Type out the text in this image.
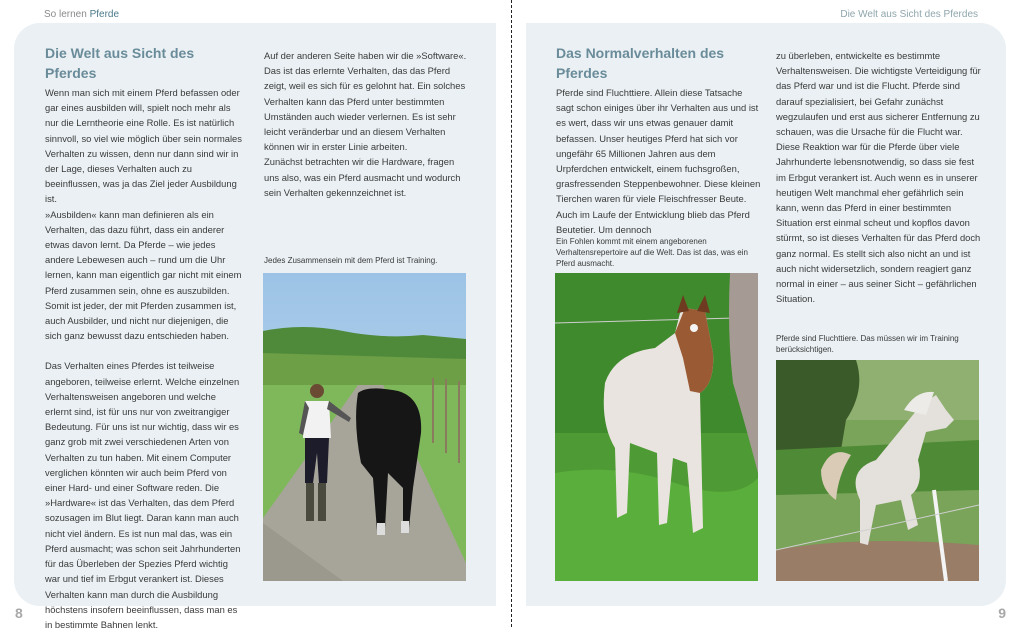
So lernen Pferde
Die Welt aus Sicht des Pferdes

Wenn man sich mit einem Pferd befassen oder gar eines ausbilden will, spielt noch mehr als nur die Lerntheorie eine Rolle. Es ist natürlich sinnvoll, so viel wie möglich über sein normales Verhalten zu wissen, denn nur dann sind wir in der Lage, dieses Verhalten auch zu beeinflussen, was ja das Ziel jeder Ausbildung ist.

»Ausbilden« kann man definieren als ein Verhalten, das dazu führt, dass ein anderer etwas davon lernt. Da Pferde – wie jedes andere Lebewesen auch – rund um die Uhr lernen, kann man eigentlich gar nicht mit einem Pferd zusammen sein, ohne es auszubilden. Somit ist jeder, der mit Pferden zusammen ist, auch Ausbilder, und nicht nur diejenigen, die sich ganz bewusst dazu entschieden haben.

Das Verhalten eines Pferdes ist teilweise angeboren, teilweise erlernt. Welche einzelnen Verhaltensweisen angeboren und welche erlernt sind, ist für uns nur von zweitrangiger Bedeutung. Für uns ist nur wichtig, dass wir es ganz grob mit zwei verschiedenen Arten von Verhalten zu tun haben. Mit einem Computer verglichen könnten wir auch beim Pferd von einer Hard- und einer Software reden. Die »Hardware« ist das Verhalten, das dem Pferd sozusagen im Blut liegt. Daran kann man auch nicht viel ändern. Es ist nun mal das, was ein Pferd ausmacht; was schon seit Jahrhunderten für das Überleben der Spezies Pferd wichtig war und tief im Erbgut verankert ist. Dieses Verhalten kann man durch die Ausbildung höchstens insofern beeinflussen, dass man es in bestimmte Bahnen lenkt.

Auf der anderen Seite haben wir die »Software«. Das ist das erlernte Verhalten, das das Pferd zeigt, weil es sich für es gelohnt hat. Ein solches Verhalten kann das Pferd unter bestimmten Umständen auch wieder verlernen. Es ist sehr leicht veränderbar und an diesem Verhalten können wir in erster Linie arbeiten.

Zunächst betrachten wir die Hardware, fragen uns also, was ein Pferd ausmacht und wodurch sein Verhalten gekennzeichnet ist.

Jedes Zusammensein mit dem Pferd ist Training.
8
Die Welt aus Sicht des Pferdes
Das Normalverhalten des Pferdes

Pferde sind Fluchttiere. Allein diese Tatsache sagt schon einiges über ihr Verhalten aus und ist es wert, dass wir uns etwas genauer damit befassen. Unser heutiges Pferd hat sich vor ungefähr 65 Millionen Jahren aus dem Urpferdchen entwickelt, einem fuchsgroßen, grasfressenden Steppenbewohner. Diese kleinen Tierchen waren für viele Fleischfresser Beute. Auch im Laufe der Entwicklung blieb das Pferd Beutetier. Um dennoch

Ein Fohlen kommt mit einem angeborenen Verhaltensrepertoire auf die Welt. Das ist das, was ein Pferd ausmacht.

zu überleben, entwickelte es bestimmte Verhaltensweisen. Die wichtigste Verteidigung für das Pferd war und ist die Flucht. Pferde sind darauf spezialisiert, bei Gefahr zunächst wegzulaufen und erst aus sicherer Entfernung zu schauen, was die Ursache für die Flucht war. Diese Reaktion war für die Pferde über viele Jahrhunderte lebensnotwendig, so dass sie fest im Erbgut verankert ist. Auch wenn es in unserer heutigen Welt manchmal eher gefährlich sein kann, wenn das Pferd in einer bestimmten Situation erst einmal scheut und kopflos davon stürmt, so ist dieses Verhalten für das Pferd doch ganz normal. Es stellt sich also nicht an und ist auch nicht widersetzlich, sondern reagiert ganz normal in einer – aus seiner Sicht – gefährlichen Situation.

Pferde sind Fluchttiere. Das müssen wir im Training berücksichtigen.
9
